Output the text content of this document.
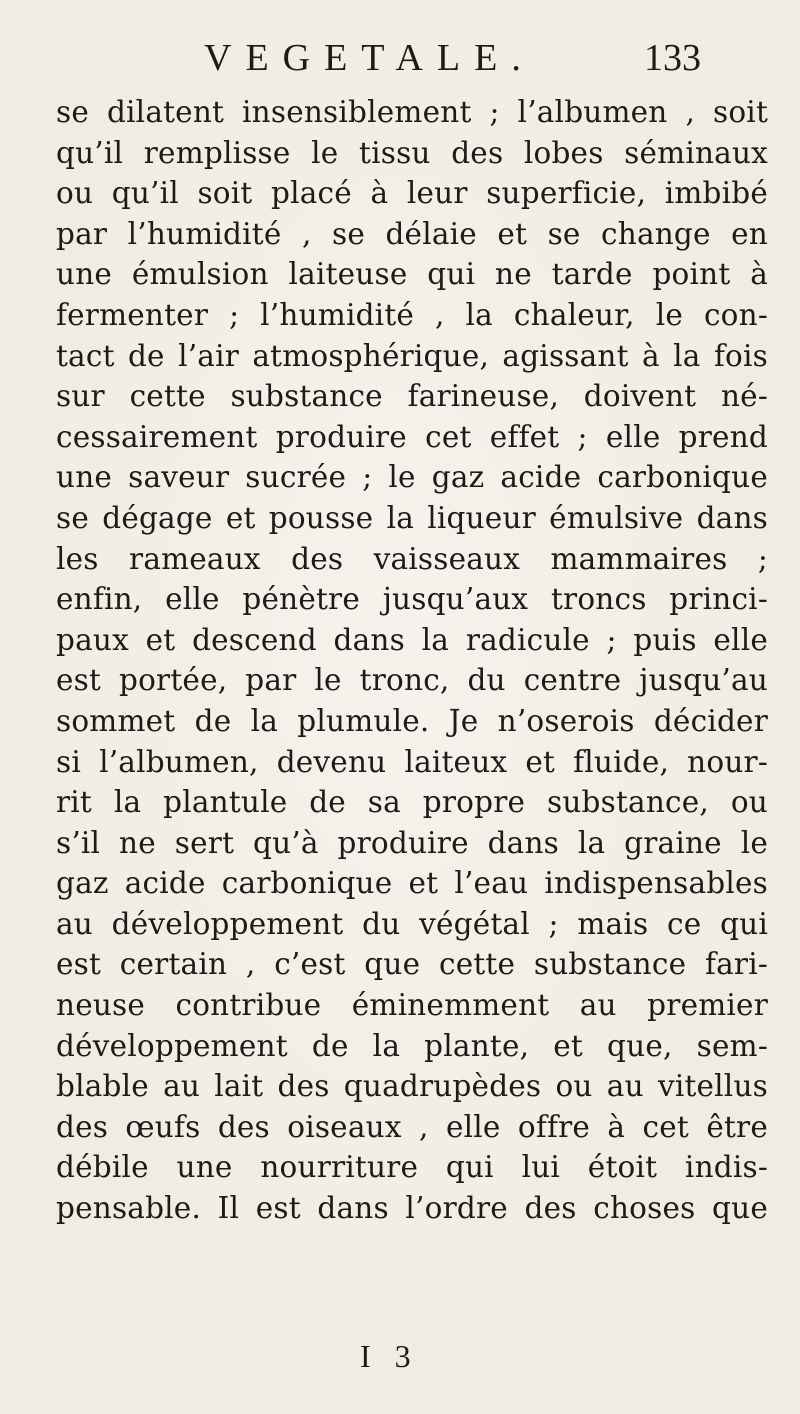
VEGETALE.	133
se dilatent insensiblement ; l’albumen , soit
qu’il remplisse le tissu des lobes séminaux
ou qu’il soit placé à leur superficie, imbibé
par l’humidité , se délaie et se change en
une émulsion laiteuse qui ne tarde point à
fermenter ; l’humidité , la chaleur, le con-
tact de l’air atmosphérique, agissant à la fois
sur cette substance farineuse, doivent né-
cessairement produire cet effet ; elle prend
une saveur sucrée ; le gaz acide carbonique
se dégage et pousse la liqueur émulsive dans
les rameaux des vaisseaux mammaires ;
enfin, elle pénètre jusqu’aux troncs princi-
paux et descend dans la radicule ; puis elle
est portée, par le tronc, du centre jusqu’au
sommet de la plumule. Je n’oserois décider
si l’albumen, devenu laiteux et fluide, nour-
rit la plantule de sa propre substance, ou
s’il ne sert qu’à produire dans la graine le
gaz acide carbonique et l’eau indispensables
au développement du végétal ; mais ce qui
est certain , c’est que cette substance fari-
neuse contribue éminemment au premier
développement de la plante, et que, sem-
blable au lait des quadrupèdes ou au vitellus
des œufs des oiseaux , elle offre à cet être
débile une nourriture qui lui étoit indis-
pensable. Il est dans l’ordre des choses que
I 3
